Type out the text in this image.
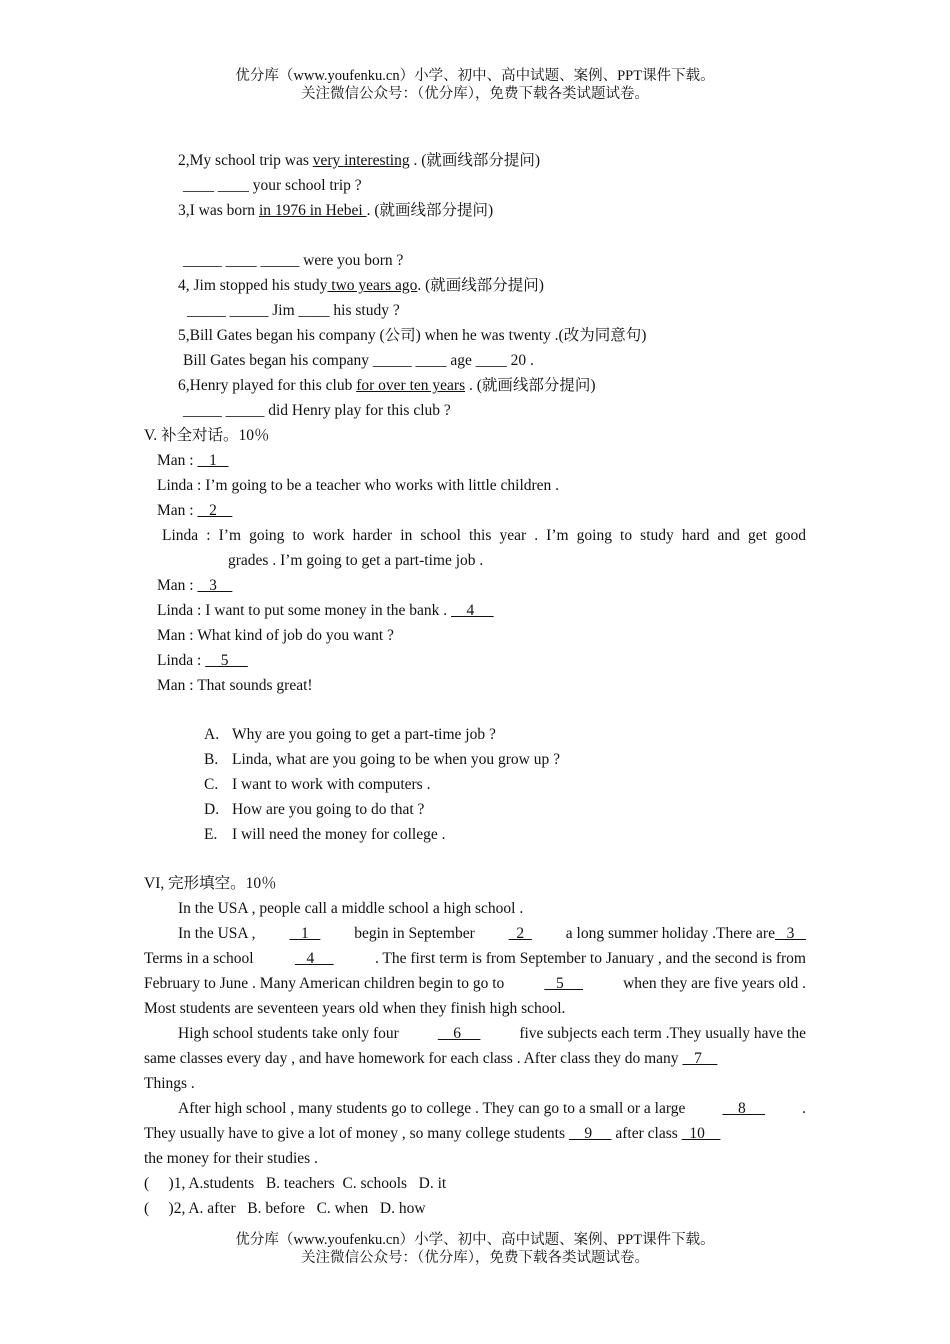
优分库（www.youfenku.cn）小学、初中、高中试题、案例、PPT课件下载。
关注微信公众号：（优分库），免费下载各类试题试卷。
2,My school trip was very interesting . (就画线部分提问)
____ ____ your school trip ?
3,I was born in 1976 in Hebei . (就画线部分提问)
_____ ____ _____ were you born ?
4, Jim stopped his study two years ago. (就画线部分提问)
_____ _____ Jim ____ his study ?
5,Bill Gates began his company (公司) when he was twenty .(改为同意句)
Bill Gates began his company _____ ____ age ____ 20 .
6,Henry played for this club for over ten years . (就画线部分提问)
_____ _____ did Henry play for this club ?
V. 补全对话。10％
Man :    1
Linda : I’m going to be a teacher who works with little children .
Man :    2
Linda : I’m going to work harder in school this year . I’m going to study hard and get good
grades . I’m going to get a part-time job .
Man :    3
Linda : I want to put some money in the bank .     4
Man : What kind of job do you want ?
Linda :     5
Man : That sounds great!
A. Why are you going to get a part-time job ?
B. Linda, what are you going to be when you grow up ?
C. I want to work with computers .
D. How are you going to do that ?
E. I will need the money for college .
VI, 完形填空。10％
In the USA , people call a middle school a high school .
In the USA , 1 begin in September 2 a long summer holiday .There are   3
Terms in a school	4	. The first term is from September to January , and the second is from
February to June . Many American children begin to go to	5	when they are five years old .
Most students are seventeen years old when they finish high school.
High school students take only four	6	five subjects each term .They usually have the
same classes every day , and have homework for each class . After class they do many    7
Things .
After high school , many students go to college . They can go to a small or a large 8 .
They usually have to give a lot of money , so many college students     9      after class   10
the money for their studies .
(     )1, A.students   B. teachers  C. schools   D. it
(     )2, A. after   B. before   C. when   D. how
优分库（www.youfenku.cn）小学、初中、高中试题、案例、PPT课件下载。
关注微信公众号：（优分库），免费下载各类试题试卷。
